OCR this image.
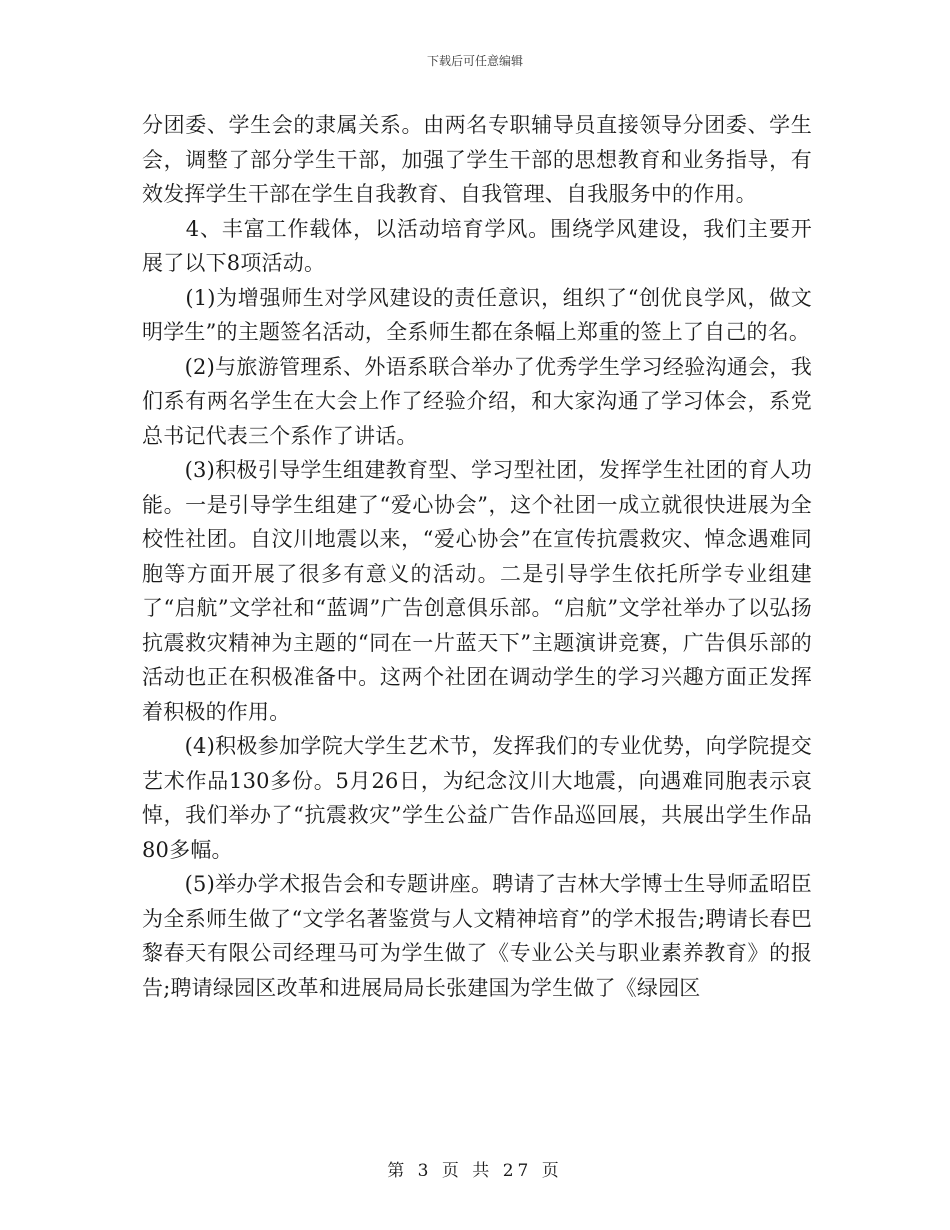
下载后可任意编辑

分团委、学生会的隶属关系。由两名专职辅导员直接领导分团委、学生会，调整了部分学生干部，加强了学生干部的思想教育和业务指导，有效发挥学生干部在学生自我教育、自我管理、自我服务中的作用。

　　4、丰富工作载体，以活动培育学风。围绕学风建设，我们主要开展了以下8项活动。

　　(1)为增强师生对学风建设的责任意识，组织了“创优良学风，做文明学生”的主题签名活动，全系师生都在条幅上郑重的签上了自己的名。

　　(2)与旅游管理系、外语系联合举办了优秀学生学习经验沟通会，我们系有两名学生在大会上作了经验介绍，和大家沟通了学习体会，系党总书记代表三个系作了讲话。

　　(3)积极引导学生组建教育型、学习型社团，发挥学生社团的育人功能。一是引导学生组建了“爱心协会”，这个社团一成立就很快进展为全校性社团。自汶川地震以来，“爱心协会”在宣传抗震救灾、悼念遇难同胞等方面开展了很多有意义的活动。二是引导学生依托所学专业组建了“启航”文学社和“蓝调”广告创意俱乐部。“启航”文学社举办了以弘扬抗震救灾精神为主题的“同在一片蓝天下”主题演讲竞赛，广告俱乐部的活动也正在积极准备中。这两个社团在调动学生的学习兴趣方面正发挥着积极的作用。

　　(4)积极参加学院大学生艺术节，发挥我们的专业优势，向学院提交艺术作品130多份。5月26日，为纪念汶川大地震，向遇难同胞表示哀悼，我们举办了“抗震救灾”学生公益广告作品巡回展，共展出学生作品80多幅。

　　(5)举办学术报告会和专题讲座。聘请了吉林大学博士生导师孟昭臣为全系师生做了“文学名著鉴赏与人文精神培育”的学术报告;聘请长春巴黎春天有限公司经理马可为学生做了《专业公关与职业素养教育》的报告;聘请绿园区改革和进展局局长张建国为学生做了《绿园区

第 3 页 共 27 页
